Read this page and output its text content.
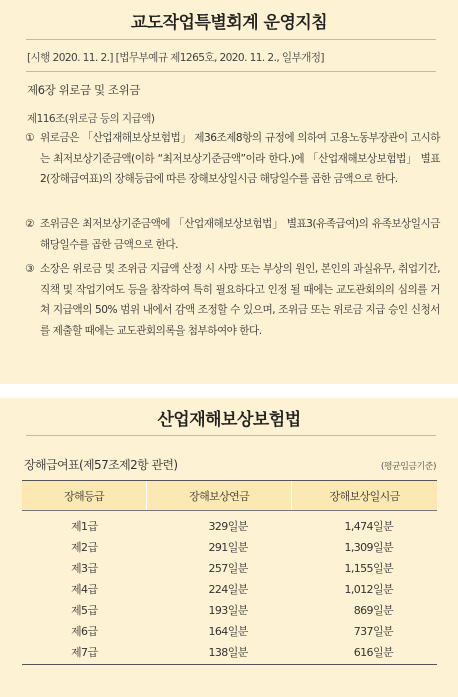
교도작업특별회계 운영지침
[시행 2020. 11. 2.] [법무부예규 제1265호, 2020. 11. 2., 일부개정]
제6장 위로금 및 조위금
제116조(위로금 등의 지급액)
① 위로금은 「산업재해보상보험법」 제36조제8항의 규정에 의하여 고용노동부장관이 고시하는 최저보상기준금액(이하 “최저보상기준금액”이라 한다.)에 「산업재해보상보험법」 별표2(장해급여표)의 장해등급에 따른 장해보상일시금 해당일수를 곱한 금액으로 한다.
② 조위금은 최저보상기준금액에 「산업재해보상보험법」 별표3(유족급여)의 유족보상일시금 해당일수를 곱한 금액으로 한다.
③ 소장은 위로금 및 조위금 지급액 산정 시 사망 또는 부상의 원인, 본인의 과실유무, 취업기간, 직책 및 작업기여도 등을 참작하여 특히 필요하다고 인정 될 때에는 교도관회의의 심의를 거쳐 지급액의 50% 범위 내에서 감액 조정할 수 있으며, 조위금 또는 위로금 지급 승인 신청서를 제출할 때에는 교도관회의록을 첨부하여야 한다.
산업재해보상보험법
장해급여표(제57조제2항 관련)	(평균임금기준)
장해등급	장해보상연금	장해보상일시금
제1급	329일분	1,474일분
제2급	291일분	1,309일분
제3급	257일분	1,155일분
제4급	224일분	1,012일분
제5급	193일분	869일분
제6급	164일분	737일분
제7급	138일분	616일분
